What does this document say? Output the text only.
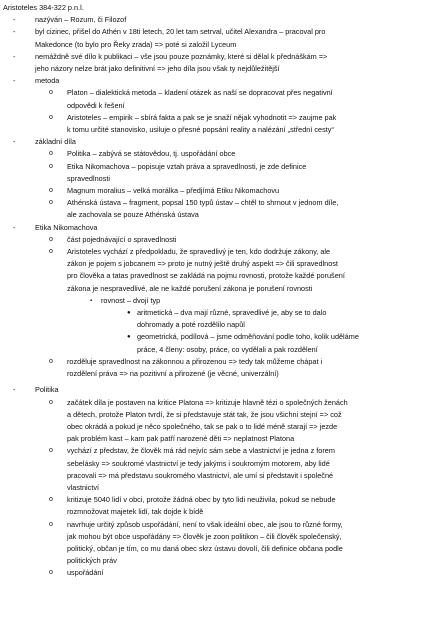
Aristoteles 384-322 p.n.l.
-	nazýván – Rozum, či Filozof
-	byl cizinec, přišel do Athén v 18ti letech, 20 let tam setrval, učitel Alexandra – pracoval pro
Makedonce (to bylo pro Řeky zrada) => poté si založil Lyceum
-	nemáždně své dílo k publikaci – vše jsou pouze poznámky, které si dělal k přednáškám =>
jeho názory nelze brát jako definitivní => jeho díla jsou však ty nejdůležitější
-	metoda
o Platon – dialektická metoda – kladení otázek as naší se dopracovat přes negativní
odpovědi k řešení
o Aristoteles – empirik – sbírá fakta a pak se je snaží nějak vyhodnotit => zaujme pak
k tomu určité stanovisko, usiluje o přesné popsání reality a nalézání „střední cesty“
-	základní díla
o Politika – zabývá se státovědou, tj. uspořádání obce
o Etika Nikomachova – popisuje vztah práva a spravedlnosti, je zde definice
spravedlnosti
o Magnum moralius – velká morálka – předjímá Etiku Nikomachovu
o Athénská ústava – fragment, popsal 150 typů ústav – chtěl to shrnout v jednom díle,
ale zachovala se pouze Athénská ústava
-	Etika Nikomachova
o část pojednávající o spravedlnosti
o Aristoteles vychází z předpokladu, že spravedlivý je ten, kdo dodržuje zákony, ale
zákon je pojem s jobcanem => proto je nutný ještě druhý aspekt => čili spravedlnost
pro člověka a tatas pravedlnost se zakládá na pojmu rovnosti, protože každé porušení
zákona je nespravedlivé, ale ne každé porušení zákona je porušení rovnosti
▪ rovnost – dvojí typ
● aritmetická – dva mají různé, spravedlivé je, aby se to dalo
dohromady a poté rozdělilo napůl
● geometrická, podílová – jsme odměňování podle toho, kolik uděláme
práce, 4 členy: osoby, práce, co vydělali a pak rozdělení
o rozděluje spravedlnost na zákonnou a přirozenou => tedy tak můžeme chápat i
rozdělení práva => na pozitivní a přirozené (je věcné, univerzální)
-	Politika
o začátek díla je postaven na kritice Platona => kritizuje hlavně tézi o společných ženách
a dětech, protože Platon tvrdí, že si představuje stát tak, že jsou všichni stejní => což
obec okrádá a pokud je něco společného, tak se pak o to lidé méně starají => jezde
pak problém kast – kam pak patří narozené děti => neplatnost Platona
o vychází z představ, že člověk má rád nejvíc sám sebe a vlastnictví je jedna z forem
sebelásky => soukromé vlastnictví je tedy jakýms i soukromým motorem, aby lidé
pracovali => má představu soukromého vlastnictví, ale umí si představit i společné
vlastnictví
o kritizuje 5040 lidí v obci, protože žádná obec by tyto lidi neuživila, pokud se nebude
rozmnožovat majetek lidí, tak dojde k bídě
o navrhuje určitý způsob uspořádání, není to však ideální obec, ale jsou to různé formy,
jak mohou být obce uspořádány => člověk je zoon politikon – čili člověk společenský,
politický, občan je tím, co mu daná obec skrz ústavu dovolí, čili definice občana podle
politických práv
o uspořádání
